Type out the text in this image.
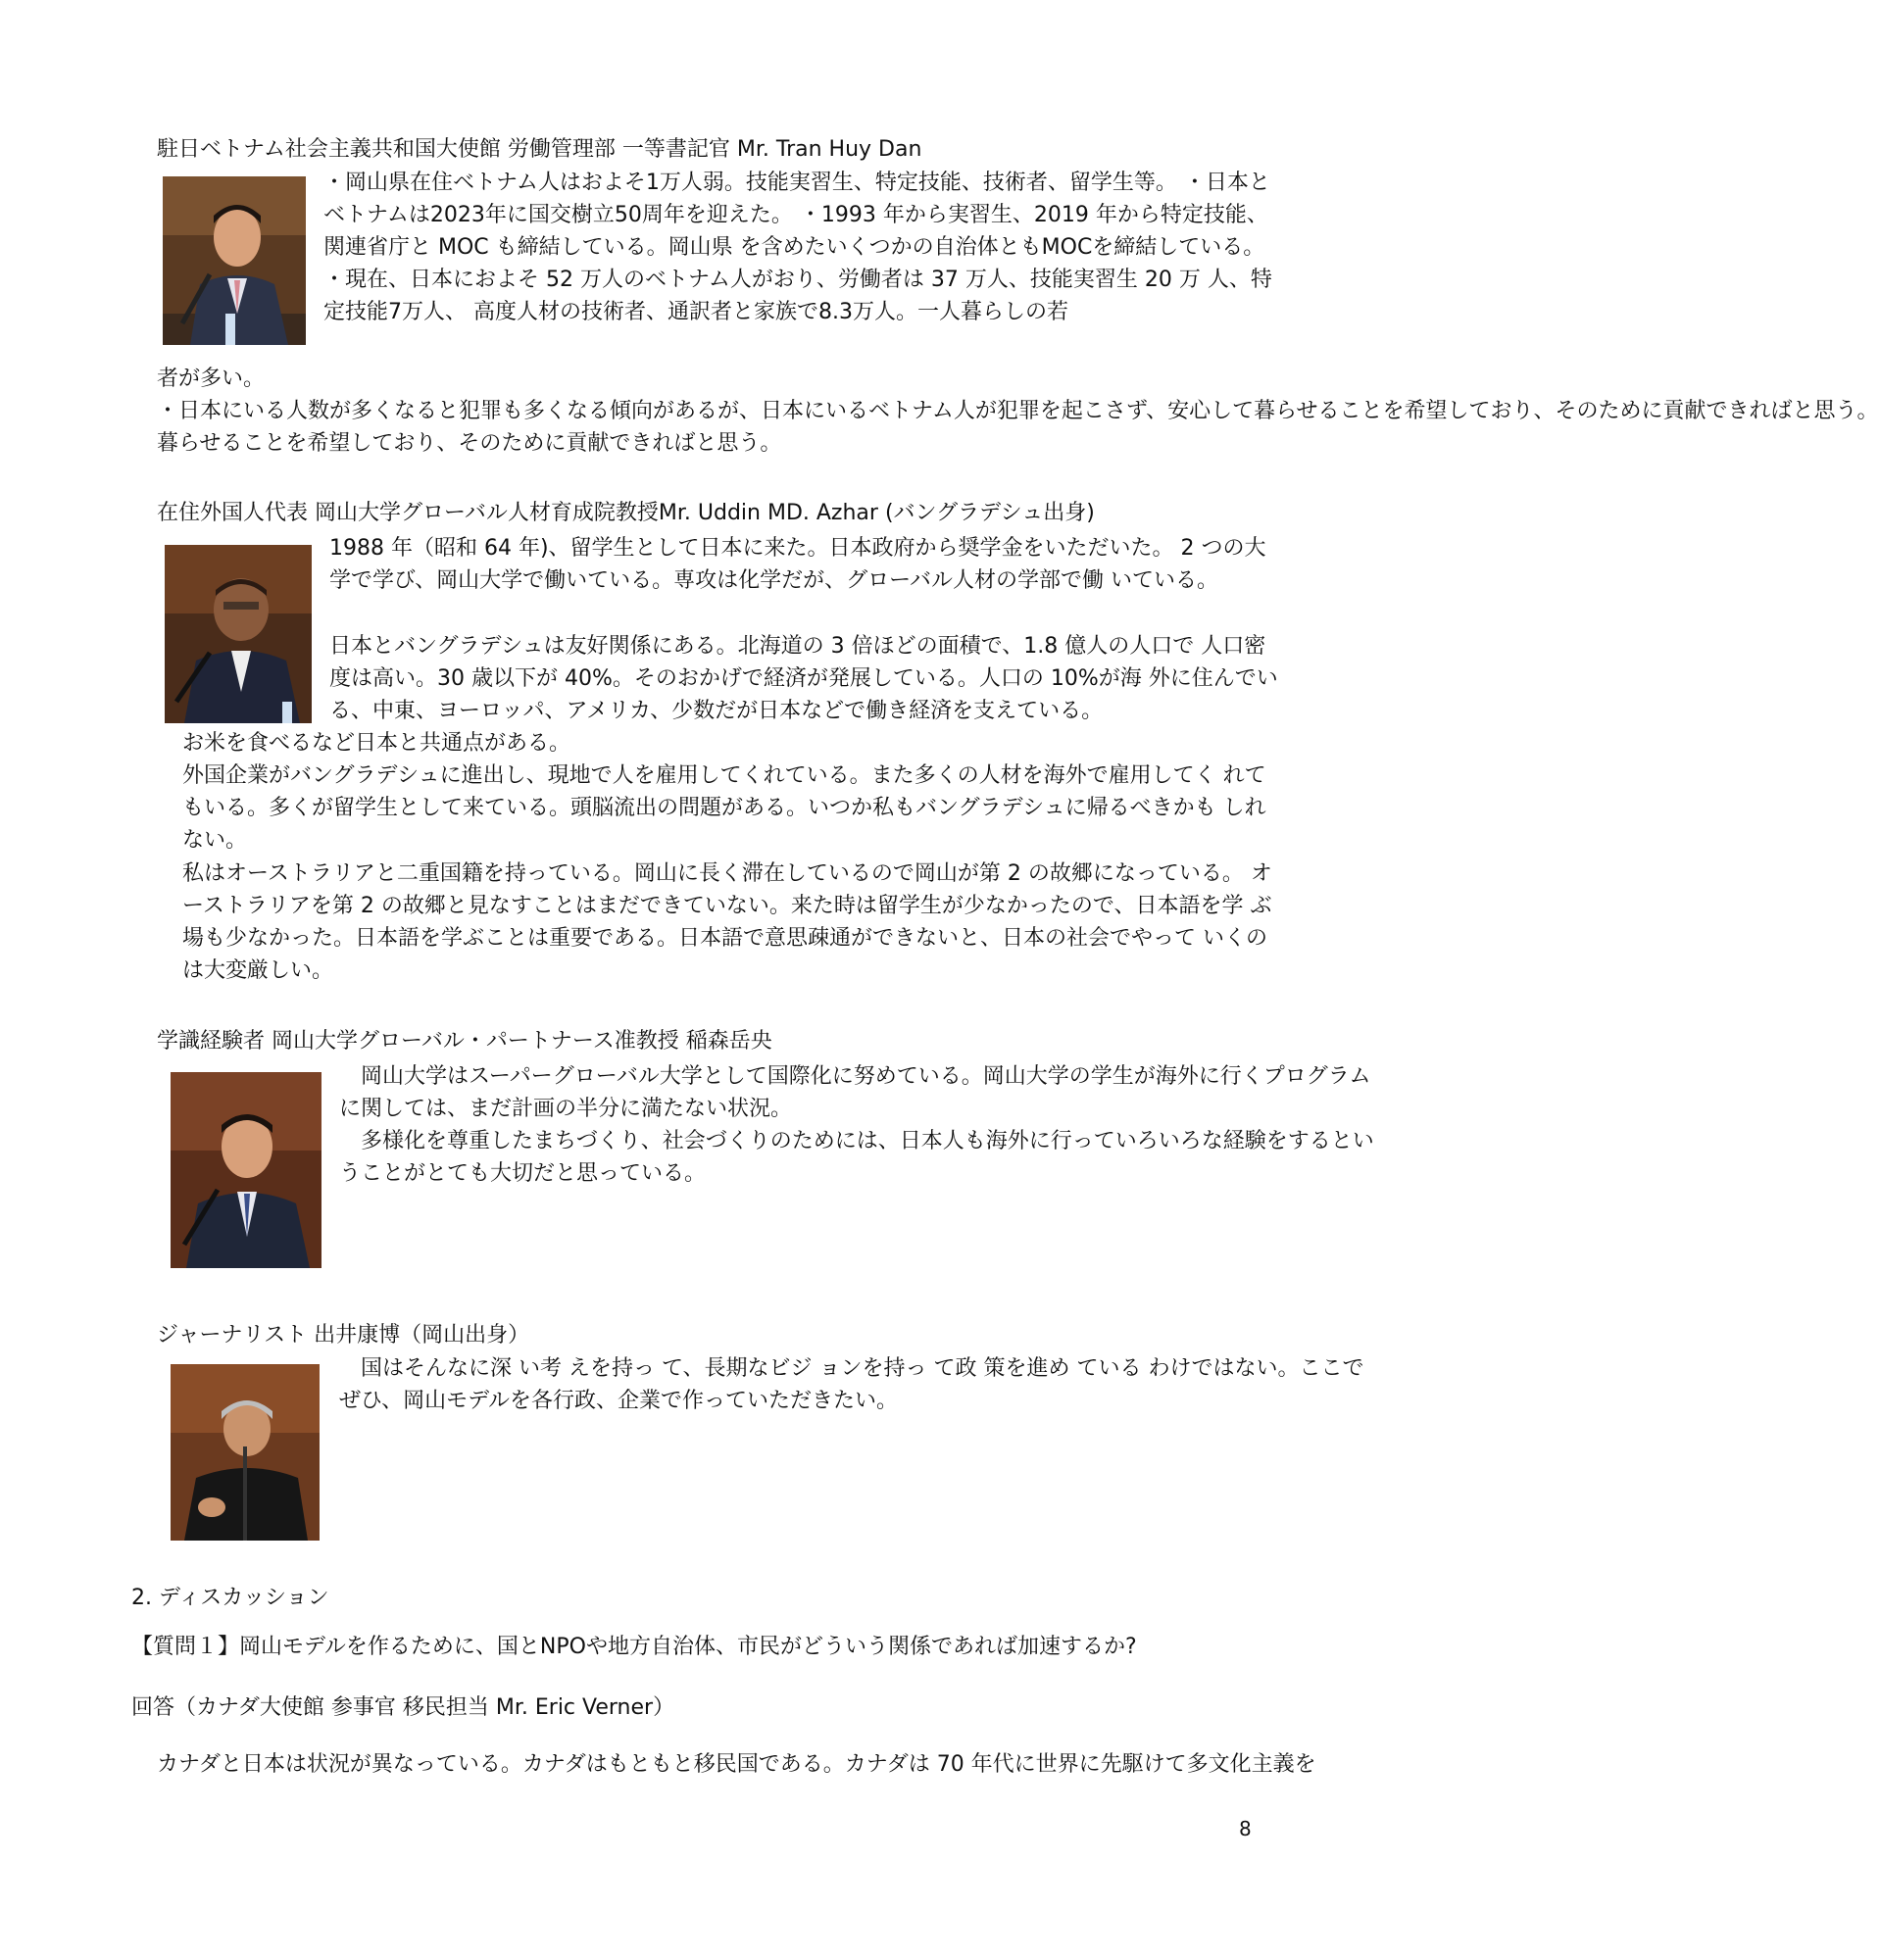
駐日ベトナム社会主義共和国大使館 労働管理部 一等書記官 Mr. Tran Huy Dan
・岡山県在住ベトナム人はおよそ1万人弱。技能実習生、特定技能、技術者、留学生等。 ・日本とベトナムは2023年に国交樹立50周年を迎えた。 ・1993 年から実習生、2019 年から特定技能、関連省庁と MOC も締結している。岡山県 を含めたいくつかの自治体ともMOCを締結している。 ・現在、日本におよそ 52 万人のベトナム人がおり、労働者は 37 万人、技能実習生 20 万 人、特定技能7万人、 高度人材の技術者、通訳者と家族で8.3万人。一人暮らしの若
者が多い。
・日本にいる人数が多くなると犯罪も多くなる傾向があるが、日本にいるベトナム人が犯罪を起こさず、安心して暮らせることを希望しており、そのために貢献できればと思う。
暮らせることを希望しており、そのために貢献できればと思う。
在住外国人代表 岡山大学グローバル人材育成院教授Mr. Uddin MD. Azhar (バングラデシュ出身)
1988 年（昭和 64 年)、留学生として日本に来た。日本政府から奨学金をいただいた。 2 つの大学で学び、岡山大学で働いている。専攻は化学だが、グローバル人材の学部で働 いている。
日本とバングラデシュは友好関係にある。北海道の 3 倍ほどの面積で、1.8 億人の人口で 人口密度は高い。30 歳以下が 40%。そのおかげで経済が発展している。人口の 10%が海 外に住んでいる、中東、ヨーロッパ、アメリカ、少数だが日本などで働き経済を支えている。
お米を食べるなど日本と共通点がある。
外国企業がバングラデシュに進出し、現地で人を雇用してくれている。また多くの人材を海外で雇用してく れてもいる。多くが留学生として来ている。頭脳流出の問題がある。いつか私もバングラデシュに帰るべきかも しれない。
私はオーストラリアと二重国籍を持っている。岡山に長く滞在しているので岡山が第 2 の故郷になっている。 オーストラリアを第 2 の故郷と見なすことはまだできていない。来た時は留学生が少なかったので、日本語を学 ぶ場も少なかった。日本語を学ぶことは重要である。日本語で意思疎通ができないと、日本の社会でやって いくのは大変厳しい。
学識経験者 岡山大学グローバル・パートナース准教授 稲森岳央
　岡山大学はスーパーグローバル大学として国際化に努めている。岡山大学の学生が海外に行くプログラムに関しては、まだ計画の半分に満たない状況。
　多様化を尊重したまちづくり、社会づくりのためには、日本人も海外に行っていろいろな経験をするということがとても大切だと思っている。
ジャーナリスト 出井康博（岡山出身）
　国はそんなに深 い考 えを持っ て、長期なビジ ョンを持っ て政 策を進め ている わけではない。ここでぜひ、岡山モデルを各行政、企業で作っていただきたい。
2. ディスカッション
【質問１】岡山モデルを作るために、国とNPOや地方自治体、市民がどういう関係であれば加速するか?
回答（カナダ大使館 参事官 移民担当 Mr. Eric Verner）
カナダと日本は状況が異なっている。カナダはもともと移民国である。カナダは 70 年代に世界に先駆けて多文化主義を
8
